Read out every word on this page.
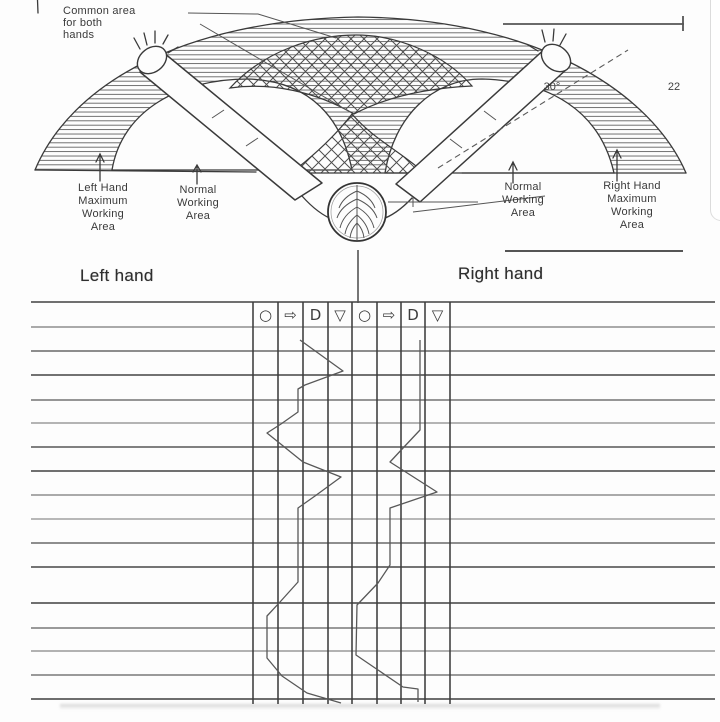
Common area
for both
hands
Left Hand
Maximum
Working
Area
Normal
Working
Area
Normal
Working
Area
Right Hand
Maximum
Working
Area
30°	22
Left hand	Right hand
○ ⇨ D ▽ ○ ⇨ D ▽
